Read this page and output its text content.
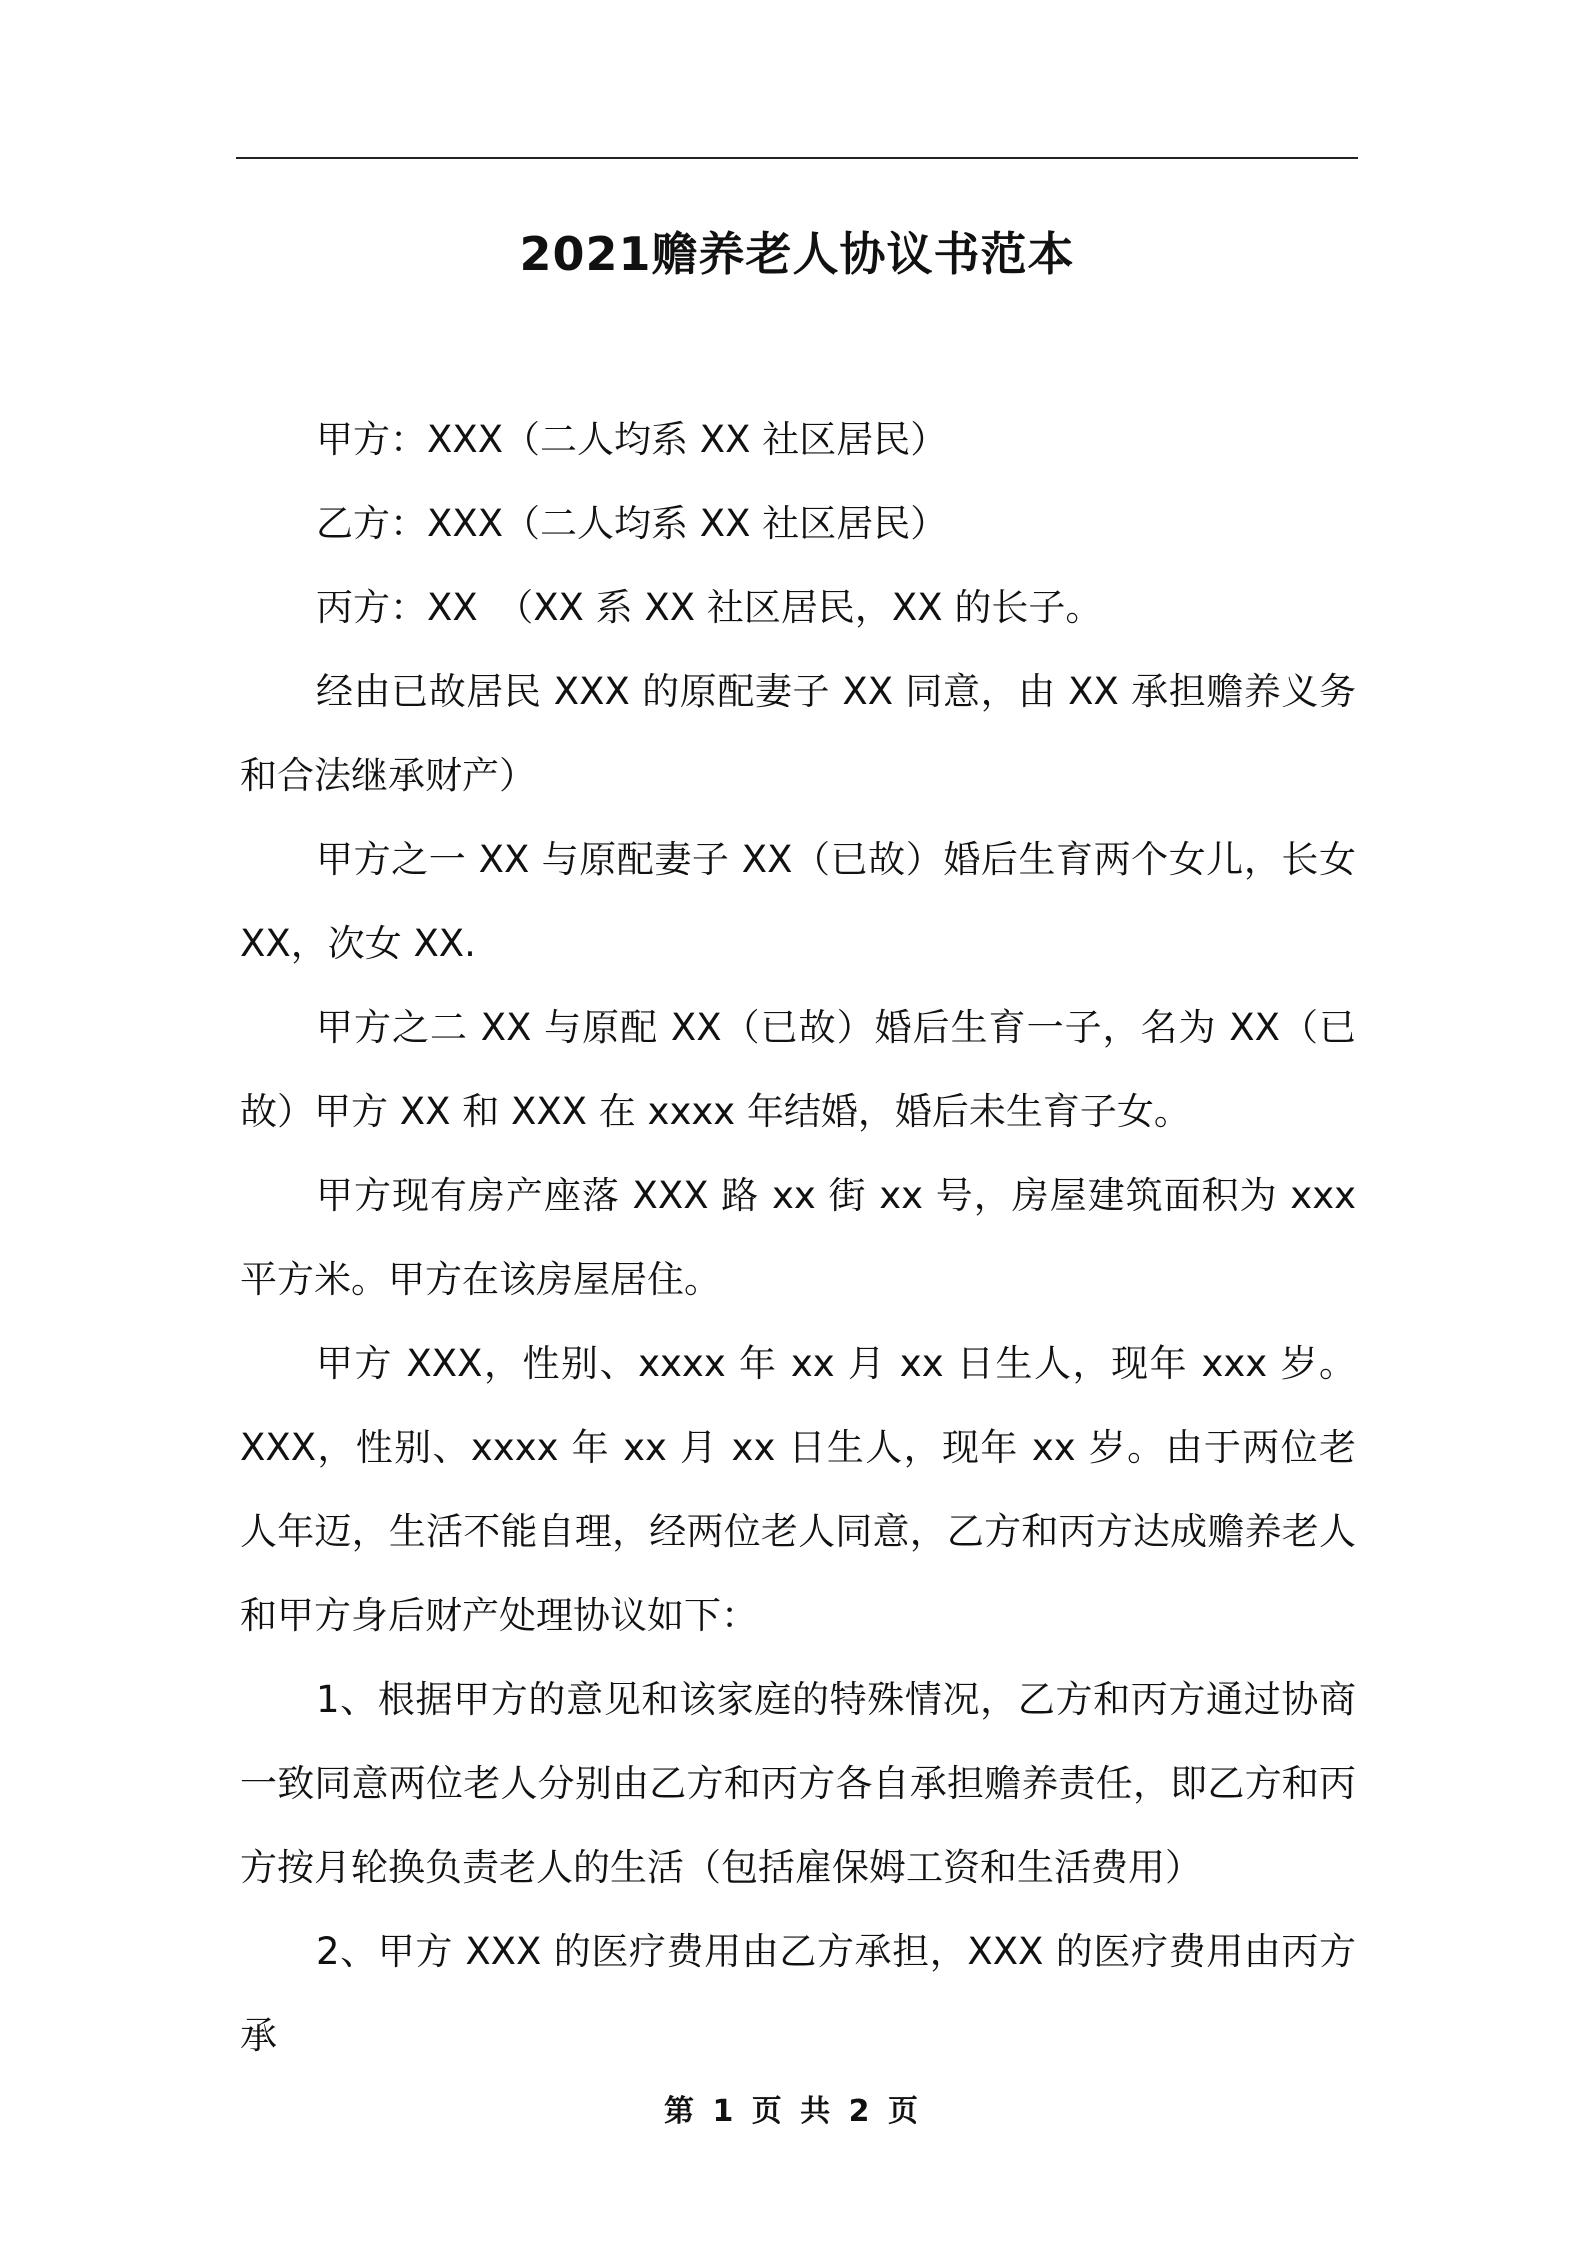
2021赡养老人协议书范本

甲方：XXX（二人均系 XX 社区居民）

乙方：XXX（二人均系 XX 社区居民）

丙方：XX　（XX 系 XX 社区居民，XX 的长子。

经由已故居民 XXX 的原配妻子 XX 同意，由 XX 承担赡养义务和合法继承财产）

甲方之一 XX 与原配妻子 XX（已故）婚后生育两个女儿，长女 XX，次女 XX.

甲方之二 XX 与原配 XX（已故）婚后生育一子，名为 XX（已故）甲方 XX 和 XXX 在 xxxx 年结婚，婚后未生育子女。

甲方现有房产座落 XXX 路 xx 街 xx 号，房屋建筑面积为 xxx 平方米。甲方在该房屋居住。

甲方 XXX，性别、xxxx 年 xx 月 xx 日生人，现年 xxx 岁。XXX，性别、xxxx 年 xx 月 xx 日生人，现年 xx 岁。由于两位老人年迈，生活不能自理，经两位老人同意，乙方和丙方达成赡养老人和甲方身后财产处理协议如下：

1、根据甲方的意见和该家庭的特殊情况，乙方和丙方通过协商一致同意两位老人分别由乙方和丙方各自承担赡养责任，即乙方和丙方按月轮换负责老人的生活（包括雇保姆工资和生活费用）

2、甲方 XXX 的医疗费用由乙方承担，XXX 的医疗费用由丙方承

第 1 页 共 2 页
